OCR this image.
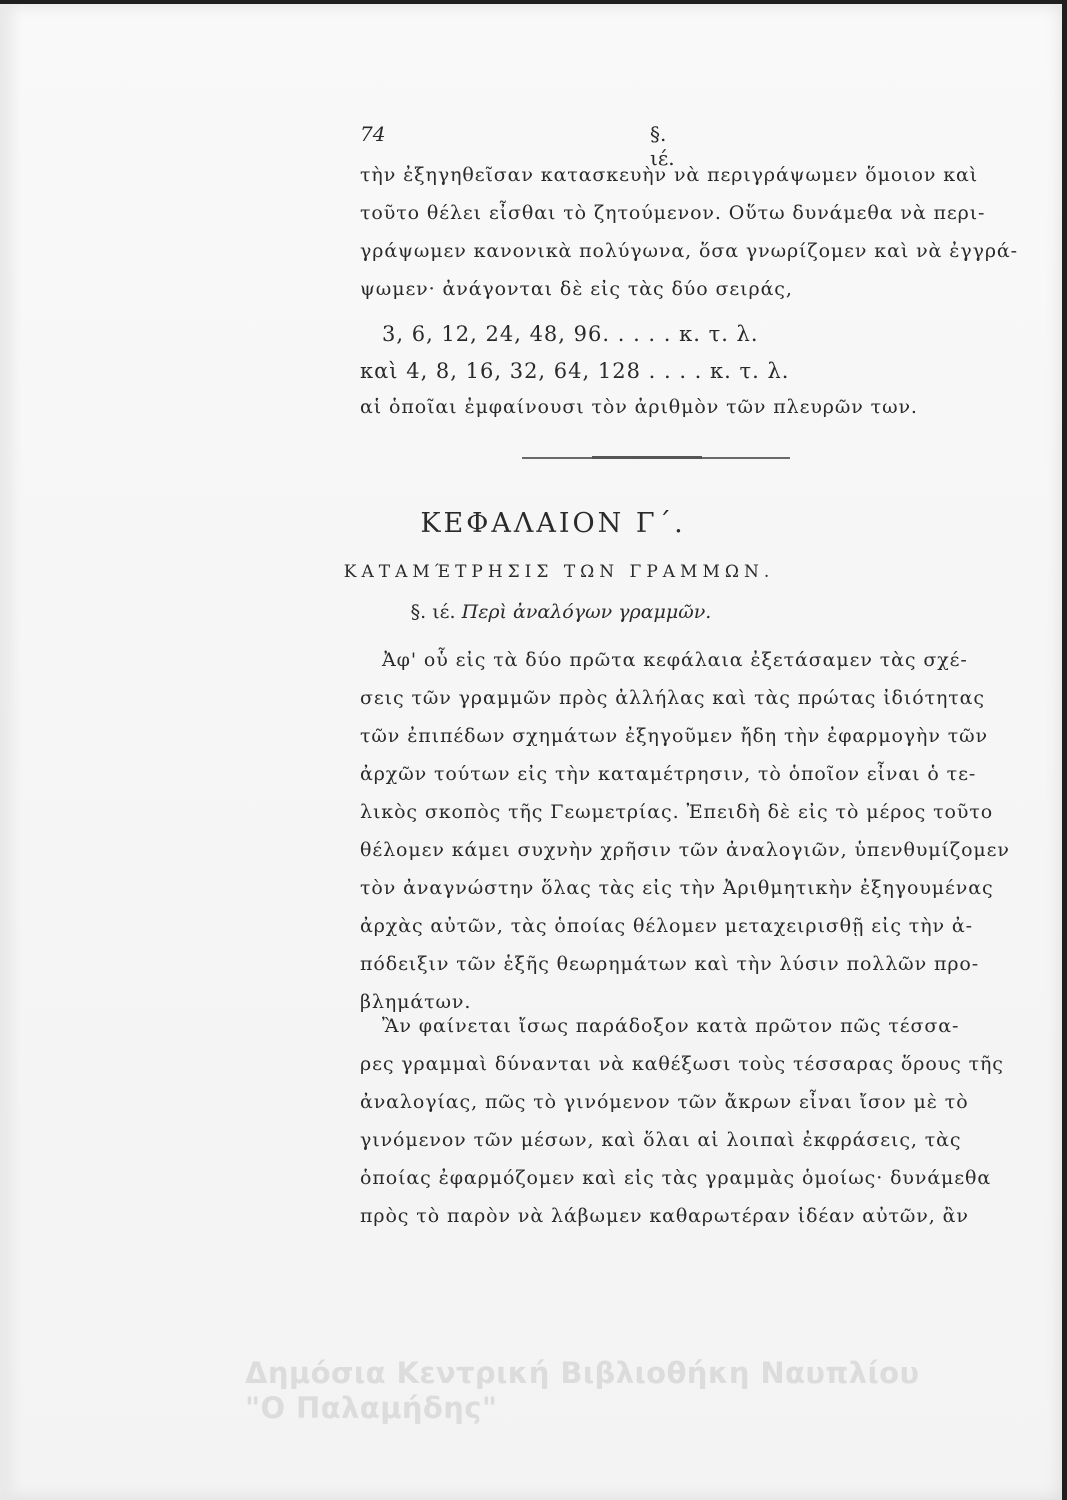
74	§. ιέ.
τὴν ἐξηγηθεῖσαν κατασκευὴν νὰ περιγράψωμεν ὅμοιον καὶ
τοῦτο θέλει εἶσθαι τὸ ζητούμενον. Οὕτω δυνάμεθα νὰ περι-
γράψωμεν κανονικὰ πολύγωνα, ὅσα γνωρίζομεν καὶ νὰ ἐγγρά-
ψωμεν· ἀνάγονται δὲ εἰς τὰς δύο σειράς,
3, 6, 12, 24, 48, 96. . . . . κ. τ. λ.
καὶ 4, 8, 16, 32, 64, 128 . . . . κ. τ. λ.
αἱ ὁποῖαι ἐμφαίνουσι τὸν ἀριθμὸν τῶν πλευρῶν των.
ΚΕΦΑΛΑΙΟΝ Γ΄.
ΚΑΤΑΜΈΤΡΗΣΙΣ ΤΩΝ ΓΡΑΜΜΩΝ.
§. ιέ. Περὶ ἀναλόγων γραμμῶν.
Ἀφ' οὗ εἰς τὰ δύο πρῶτα κεφάλαια ἐξετάσαμεν τὰς σχέ-
σεις τῶν γραμμῶν πρὸς ἀλλήλας καὶ τὰς πρώτας ἰδιότητας
τῶν ἐπιπέδων σχημάτων ἐξηγοῦμεν ἤδη τὴν ἐφαρμογὴν τῶν
ἀρχῶν τούτων εἰς τὴν καταμέτρησιν, τὸ ὁποῖον εἶναι ὁ τε-
λικὸς σκοπὸς τῆς Γεωμετρίας. Ἐπειδὴ δὲ εἰς τὸ μέρος τοῦτο
θέλομεν κάμει συχνὴν χρῆσιν τῶν ἀναλογιῶν, ὑπενθυμίζομεν
τὸν ἀναγνώστην ὅλας τὰς εἰς τὴν Ἀριθμητικὴν ἐξηγουμένας
ἀρχὰς αὐτῶν, τὰς ὁποίας θέλομεν μεταχειρισθῇ εἰς τὴν ἀ-
πόδειξιν τῶν ἑξῆς θεωρημάτων καὶ τὴν λύσιν πολλῶν προ-
βλημάτων.
Ἂν φαίνεται ἴσως παράδοξον κατὰ πρῶτον πῶς τέσσα-
ρες γραμμαὶ δύνανται νὰ καθέξωσι τοὺς τέσσαρας ὅρους τῆς
ἀναλογίας, πῶς τὸ γινόμενον τῶν ἄκρων εἶναι ἴσον μὲ τὸ
γινόμενον τῶν μέσων, καὶ ὅλαι αἱ λοιπαὶ ἐκφράσεις, τὰς
ὁποίας ἐφαρμόζομεν καὶ εἰς τὰς γραμμὰς ὁμοίως· δυνάμεθα
πρὸς τὸ παρὸν νὰ λάβωμεν καθαρωτέραν ἰδέαν αὐτῶν, ἂν
Δημόσια Κεντρική Βιβλιοθήκη Ναυπλίου
"Ο Παλαμήδης"
